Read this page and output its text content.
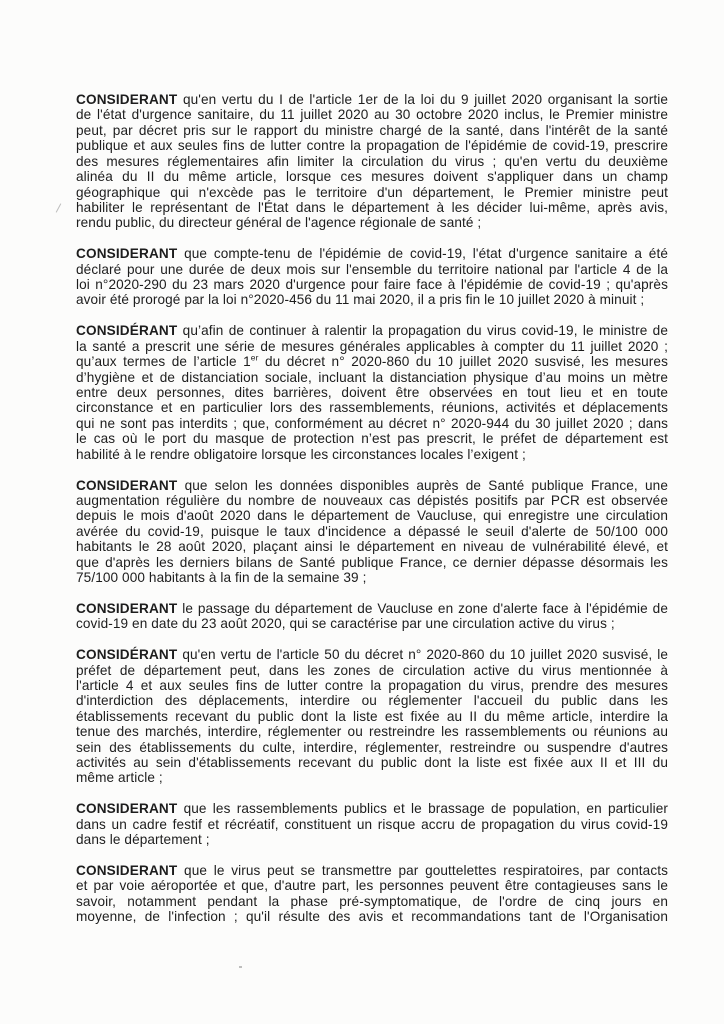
CONSIDERANT qu'en vertu du I de l'article 1er de la loi du 9 juillet 2020 organisant la sortie
de l'état d'urgence sanitaire, du 11 juillet 2020 au 30 octobre 2020 inclus, le Premier ministre
peut, par décret pris sur le rapport du ministre chargé de la santé, dans l'intérêt de la santé
publique et aux seules fins de lutter contre la propagation de l'épidémie de covid-19, prescrire
des mesures réglementaires afin limiter la circulation du virus ; qu'en vertu du deuxième
alinéa du II du même article, lorsque ces mesures doivent s'appliquer dans un champ
géographique qui n'excède pas le territoire d'un département, le Premier ministre peut
habiliter le représentant de l'État dans le département à les décider lui-même, après avis,
rendu public, du directeur général de l'agence régionale de santé ;

CONSIDERANT que compte-tenu de l'épidémie de covid-19, l'état d'urgence sanitaire a été
déclaré pour une durée de deux mois sur l'ensemble du territoire national par l'article 4 de la
loi n°2020-290 du 23 mars 2020 d'urgence pour faire face à l'épidémie de covid-19 ; qu'après
avoir été prorogé par la loi n°2020-456 du 11 mai 2020, il a pris fin le 10 juillet 2020 à minuit ;

CONSIDÉRANT qu’afin de continuer à ralentir la propagation du virus covid-19, le ministre de
la santé a prescrit une série de mesures générales applicables à compter du 11 juillet 2020 ;
qu’aux termes de l’article 1er du décret n° 2020-860 du 10 juillet 2020 susvisé, les mesures
d’hygiène et de distanciation sociale, incluant la distanciation physique d’au moins un mètre
entre deux personnes, dites barrières, doivent être observées en tout lieu et en toute
circonstance et en particulier lors des rassemblements, réunions, activités et déplacements
qui ne sont pas interdits ; que, conformément au décret n° 2020-944 du 30 juillet 2020 ; dans
le cas où le port du masque de protection n’est pas prescrit, le préfet de département est
habilité à le rendre obligatoire lorsque les circonstances locales l’exigent ;

CONSIDERANT que selon les données disponibles auprès de Santé publique France, une
augmentation régulière du nombre de nouveaux cas dépistés positifs par PCR est observée
depuis le mois d'août 2020 dans le département de Vaucluse, qui enregistre une circulation
avérée du covid-19, puisque le taux d'incidence a dépassé le seuil d'alerte de 50/100 000
habitants le 28 août 2020, plaçant ainsi le département en niveau de vulnérabilité élevé, et
que d'après les derniers bilans de Santé publique France, ce dernier dépasse désormais les
75/100 000 habitants à la fin de la semaine 39 ;

CONSIDERANT le passage du département de Vaucluse en zone d'alerte face à l'épidémie de
covid-19 en date du 23 août 2020, qui se caractérise par une circulation active du virus ;

CONSIDÉRANT qu'en vertu de l'article 50 du décret n° 2020-860 du 10 juillet 2020 susvisé, le
préfet de département peut, dans les zones de circulation active du virus mentionnée à
l'article 4 et aux seules fins de lutter contre la propagation du virus, prendre des mesures
d'interdiction des déplacements, interdire ou réglementer l'accueil du public dans les
établissements recevant du public dont la liste est fixée au II du même article, interdire la
tenue des marchés, interdire, réglementer ou restreindre les rassemblements ou réunions au
sein des établissements du culte, interdire, réglementer, restreindre ou suspendre d'autres
activités au sein d'établissements recevant du public dont la liste est fixée aux II et III du
même article ;

CONSIDERANT que les rassemblements publics et le brassage de population, en particulier
dans un cadre festif et récréatif, constituent un risque accru de propagation du virus covid-19
dans le département ;

CONSIDERANT que le virus peut se transmettre par gouttelettes respiratoires, par contacts
et par voie aéroportée et que, d'autre part, les personnes peuvent être contagieuses sans le
savoir, notamment pendant la phase pré-symptomatique, de l'ordre de cinq jours en
moyenne, de l'infection ; qu'il résulte des avis et recommandations tant de l'Organisation
